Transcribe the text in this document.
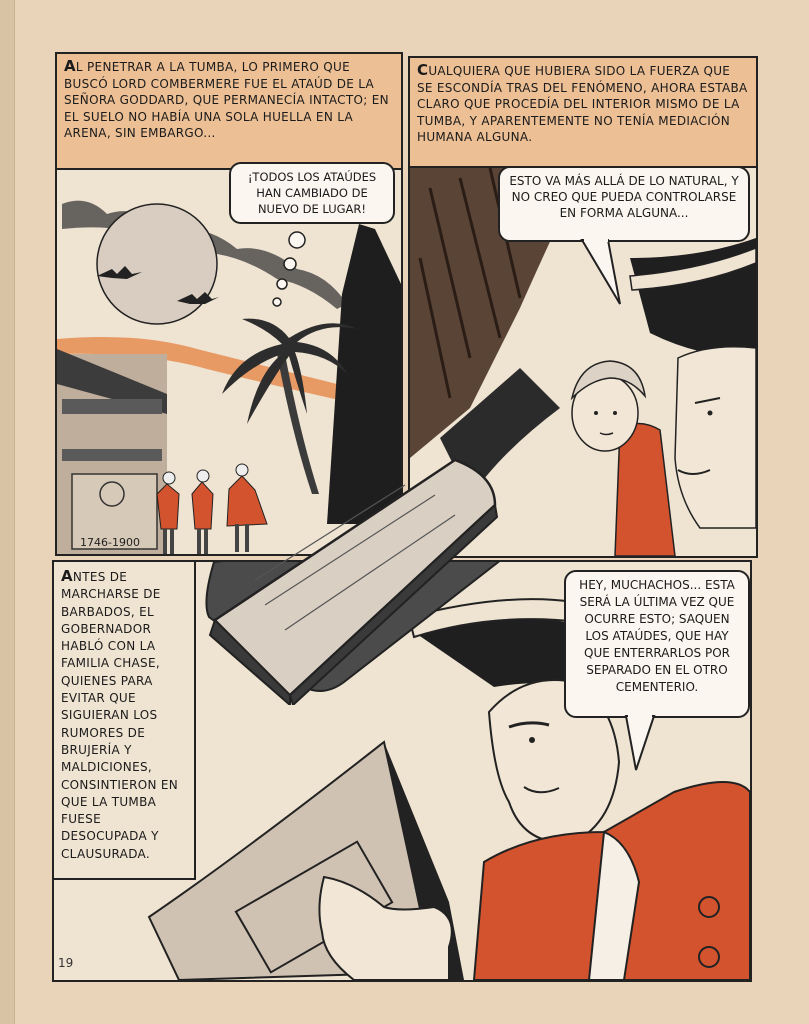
1746-1900
AL PENETRAR A LA TUMBA, LO PRIMERO QUE BUSCÓ LORD COMBERMERE FUE EL ATAÚD DE LA SEÑORA GODDARD, QUE PERMANECÍA INTACTO; EN EL SUELO NO HABÍA UNA SOLA HUELLA EN LA ARENA, SIN EMBARGO...
¡TODOS LOS ATAÚDES HAN CAMBIADO DE NUEVO DE LUGAR!
CUALQUIERA QUE HUBIERA SIDO LA FUERZA QUE SE ESCONDÍA TRAS DEL FENÓMENO, AHORA ESTABA CLARO QUE PROCEDÍA DEL INTERIOR MISMO DE LA TUMBA, Y APARENTEMENTE NO TENÍA MEDIACIÓN HUMANA ALGUNA.
ESTO VA MÁS ALLÁ DE LO NATURAL, Y NO CREO QUE PUEDA CONTROLARSE EN FORMA ALGUNA...
ANTES DE MARCHARSE DE BARBADOS, EL GOBERNADOR HABLÓ CON LA FAMILIA CHASE, QUIENES PARA EVITAR QUE SIGUIERAN LOS RUMORES DE BRUJERÍA Y MALDICIONES, CONSINTIERON EN QUE LA TUMBA FUESE DESOCUPADA Y CLAUSURADA.
HEY, MUCHACHOS... ESTA SERÁ LA ÚLTIMA VEZ QUE OCURRE ESTO; SAQUEN LOS ATAÚDES, QUE HAY QUE ENTERRARLOS POR SEPARADO EN EL OTRO CEMENTERIO.
19
